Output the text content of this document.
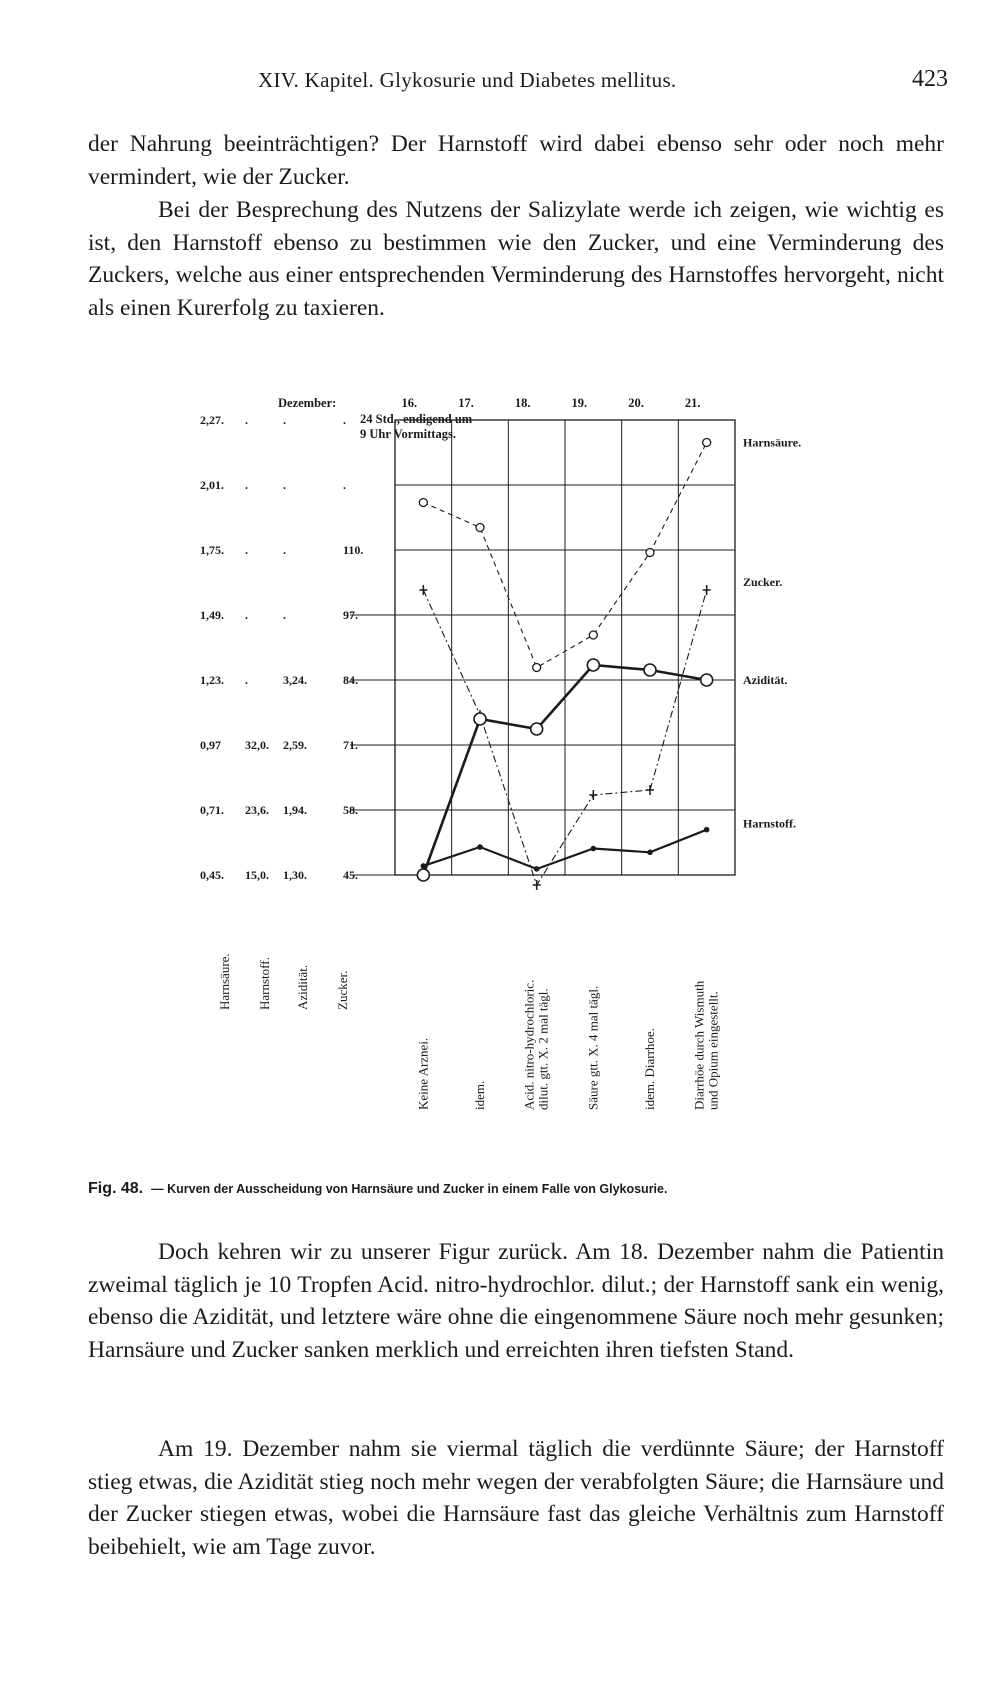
XIV. Kapitel. Glykosurie und Diabetes mellitus.	423

der Nahrung beeinträchtigen? Der Harnstoff wird dabei ebenso sehr oder noch mehr vermindert, wie der Zucker.

Bei der Besprechung des Nutzens der Salizylate werde ich zeigen, wie wichtig es ist, den Harnstoff ebenso zu bestimmen wie den Zucker, und eine Verminderung des Zuckers, welche aus einer entsprechenden Verminderung des Harnstoffes hervorgeht, nicht als einen Kurerfolg zu taxieren.

2,27. .	.	.
2,01. .	.	.
1,75. .	.	110.
1,49. .	.	97.
1,23. .	3,24.	84.
0,97 32,0. 2,59.	71.
0,71. 23,6. 1,94.	58.
0,45. 15,0. 1,30.	45.
Dezember:	16.	17.	18.	19.	20.	21.
24 Std., endigend um
9 Uhr Vormittags.
Harnsäure.
Zucker.
Azidität.
Harnstoff.
Harnsäure. Harnstoff. Azidität. Zucker.
Keine Arznei.	idem.	Acid. nitro-hydrochloric. dilut. gtt. X. 2 mal tägl.	Säure gtt. X. 4 mal tägl.	idem. Diarrhoe.	Diarrhöe durch Wismuth und Opium eingestellt.

Fig. 48. — Kurven der Ausscheidung von Harnsäure und Zucker in einem Falle von Glykosurie.

Doch kehren wir zu unserer Figur zurück. Am 18. Dezember nahm die Patientin zweimal täglich je 10 Tropfen Acid. nitro-hydrochlor. dilut.; der Harnstoff sank ein wenig, ebenso die Azidität, und letztere wäre ohne die eingenommene Säure noch mehr gesunken; Harnsäure und Zucker sanken merklich und erreichten ihren tiefsten Stand.

Am 19. Dezember nahm sie viermal täglich die verdünnte Säure; der Harnstoff stieg etwas, die Azidität stieg noch mehr wegen der verabfolgten Säure; die Harnsäure und der Zucker stiegen etwas, wobei die Harnsäure fast das gleiche Verhältnis zum Harnstoff beibehielt, wie am Tage zuvor.
